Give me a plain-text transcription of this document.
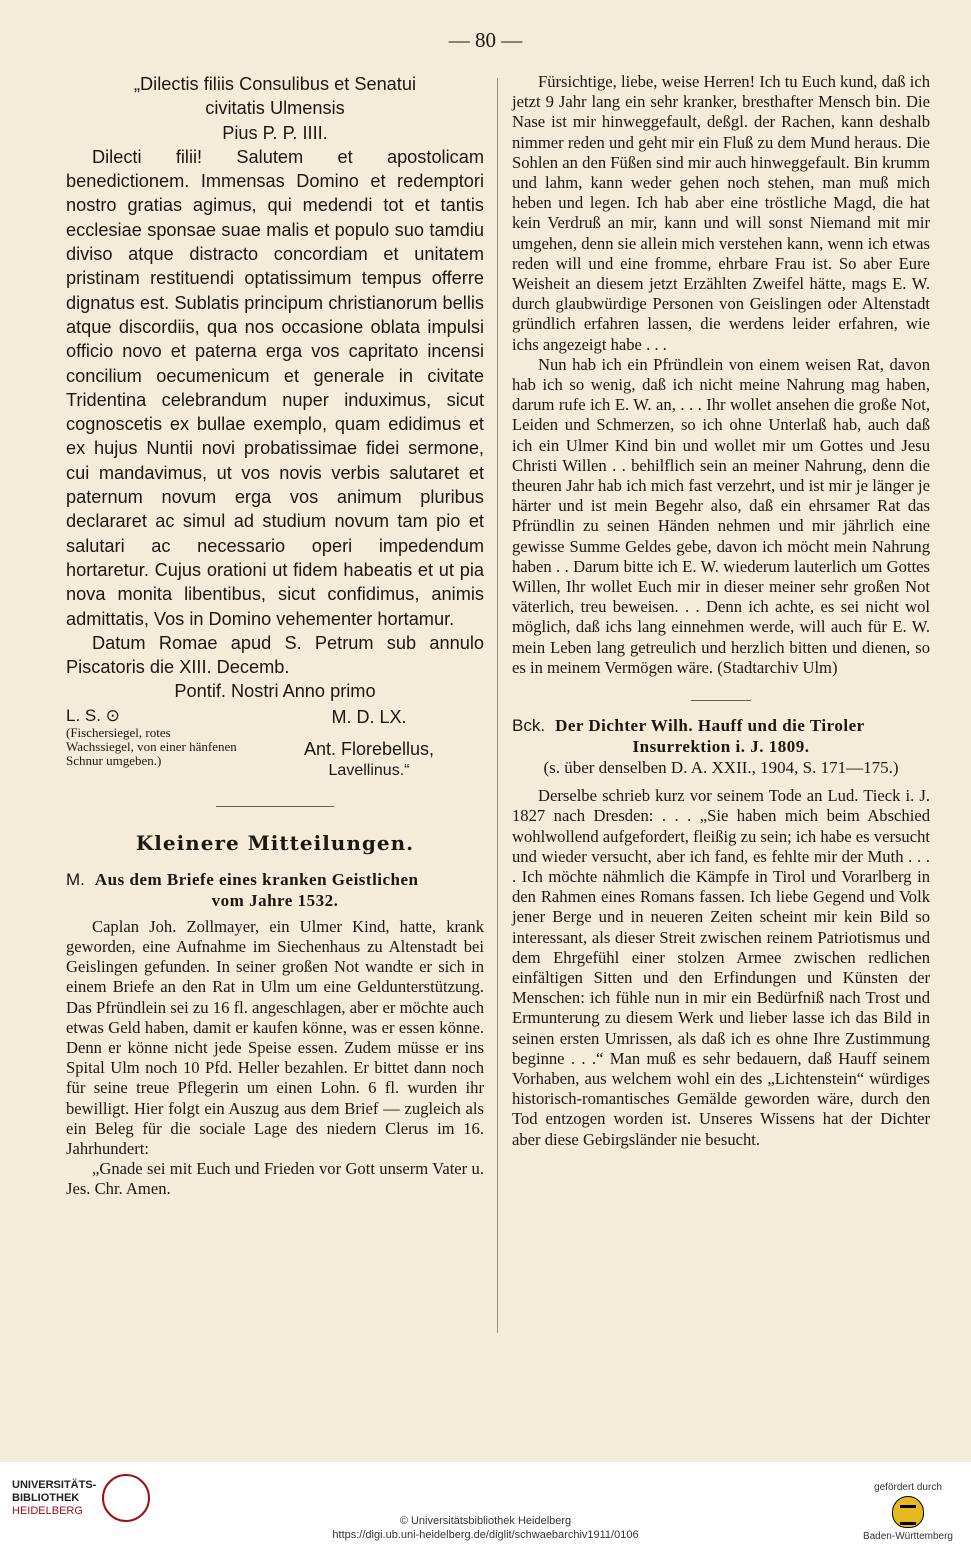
— 80 —

„Dilectis filiis Consulibus et Senatui

civitatis Ulmensis

Pius P. P. IIII.

Dilecti filii! Salutem et apostolicam benedictionem. Immensas Domino et redemptori nostro gratias agimus, qui medendi tot et tantis ecclesiae sponsae suae malis et populo suo tamdiu diviso atque distracto concordiam et unitatem pristinam restituendi optatissimum tempus offerre dignatus est. Sublatis principum christianorum bellis atque discordiis, qua nos occasione oblata impulsi officio novo et paterna erga vos capritato incensi concilium oecumenicum et generale in civitate Tridentina celebrandum nuper induximus, sicut cognoscetis ex bullae exemplo, quam edidimus et ex hujus Nuntii novi probatissimae fidei sermone, cui mandavimus, ut vos novis verbis salutaret et paternum novum erga vos animum pluribus declararet ac simul ad studium novum tam pio et salutari ac necessario operi impedendum hortaretur. Cujus orationi ut fidem habeatis et ut pia nova monita libentibus, sicut confidimus, animis admittatis, Vos in Domino vehementer hortamur.

Datum Romae apud S. Petrum sub annulo Piscatoris die XIII. Decemb.

Pontif. Nostri Anno primo

L. S. ⊙
(Fischersiegel, rotes Wachssiegel, von einer hänfenen Schnur umgeben.)
M. D. LX.
Ant. Florebellus,
Lavellinus.“
Kleinere Mitteilungen.
M. Aus dem Briefe eines kranken Geistlichen
vom Jahre 1532.

Caplan Joh. Zollmayer, ein Ulmer Kind, hatte, krank geworden, eine Aufnahme im Siechenhaus zu Altenstadt bei Geislingen gefunden. In seiner großen Not wandte er sich in einem Briefe an den Rat in Ulm um eine Geldunterstützung. Das Pfründlein sei zu 16 fl. angeschlagen, aber er möchte auch etwas Geld haben, damit er kaufen könne, was er essen könne. Denn er könne nicht jede Speise essen. Zudem müsse er ins Spital Ulm noch 10 Pfd. Heller bezahlen. Er bittet dann noch für seine treue Pflegerin um einen Lohn. 6 fl. wurden ihr bewilligt. Hier folgt ein Auszug aus dem Brief — zugleich als ein Beleg für die sociale Lage des niedern Clerus im 16. Jahrhundert:

„Gnade sei mit Euch und Frieden vor Gott unserm Vater u. Jes. Chr. Amen.

Fürsichtige, liebe, weise Herren! Ich tu Euch kund, daß ich jetzt 9 Jahr lang ein sehr kranker, bresthafter Mensch bin. Die Nase ist mir hinweggefault, deßgl. der Rachen, kann deshalb nimmer reden und geht mir ein Fluß zu dem Mund heraus. Die Sohlen an den Füßen sind mir auch hinweggefault. Bin krumm und lahm, kann weder gehen noch stehen, man muß mich heben und legen. Ich hab aber eine tröstliche Magd, die hat kein Verdruß an mir, kann und will sonst Niemand mit mir umgehen, denn sie allein mich verstehen kann, wenn ich etwas reden will und eine fromme, ehrbare Frau ist. So aber Eure Weisheit an diesem jetzt Erzählten Zweifel hätte, mags E. W. durch glaubwürdige Personen von Geislingen oder Altenstadt gründlich erfahren lassen, die werdens leider erfahren, wie ichs angezeigt habe . . .

Nun hab ich ein Pfründlein von einem weisen Rat, davon hab ich so wenig, daß ich nicht meine Nahrung mag haben, darum rufe ich E. W. an, . . . Ihr wollet ansehen die große Not, Leiden und Schmerzen, so ich ohne Unterlaß hab, auch daß ich ein Ulmer Kind bin und wollet mir um Gottes und Jesu Christi Willen . . behilflich sein an meiner Nahrung, denn die theuren Jahr hab ich mich fast verzehrt, und ist mir je länger je härter und ist mein Begehr also, daß ein ehrsamer Rat das Pfründlin zu seinen Händen nehmen und mir jährlich eine gewisse Summe Geldes gebe, davon ich möcht mein Nahrung haben . . Darum bitte ich E. W. wiederum lauterlich um Gottes Willen, Ihr wollet Euch mir in dieser meiner sehr großen Not väterlich, treu beweisen. . . Denn ich achte, es sei nicht wol möglich, daß ichs lang einnehmen werde, will auch für E. W. mein Leben lang getreulich und herzlich bitten und dienen, so es in meinem Vermögen wäre. (Stadtarchiv Ulm)

Bck. Der Dichter Wilh. Hauff und die Tiroler
Insurrektion i. J. 1809.
(s. über denselben D. A. XXII., 1904, S. 171—175.)

Derselbe schrieb kurz vor seinem Tode an Lud. Tieck i. J. 1827 nach Dresden: . . . „Sie haben mich beim Abschied wohlwollend aufgefordert, fleißig zu sein; ich habe es versucht und wieder versucht, aber ich fand, es fehlte mir der Muth . . . . Ich möchte nähmlich die Kämpfe in Tirol und Vorarlberg in den Rahmen eines Romans fassen. Ich liebe Gegend und Volk jener Berge und in neueren Zeiten scheint mir kein Bild so interessant, als dieser Streit zwischen reinem Patriotismus und dem Ehrgefühl einer stolzen Armee zwischen redlichen einfältigen Sitten und den Erfindungen und Künsten der Menschen: ich fühle nun in mir ein Bedürfniß nach Trost und Ermunterung zu diesem Werk und lieber lasse ich das Bild in seinen ersten Umrissen, als daß ich es ohne Ihre Zustimmung beginne . . .“ Man muß es sehr bedauern, daß Hauff seinem Vorhaben, aus welchem wohl ein des „Lichtenstein“ würdiges historisch-romantisches Gemälde geworden wäre, durch den Tod entzogen worden ist. Unseres Wissens hat der Dichter aber diese Gebirgsländer nie besucht.

UNIVERSITÄTS-
BIBLIOTHEK
HEIDELBERG
© Universitätsbibliothek Heidelberg
https://digi.ub.uni-heidelberg.de/diglit/schwaebarchiv1911/0106
gefördert durch
Baden-Württemberg
